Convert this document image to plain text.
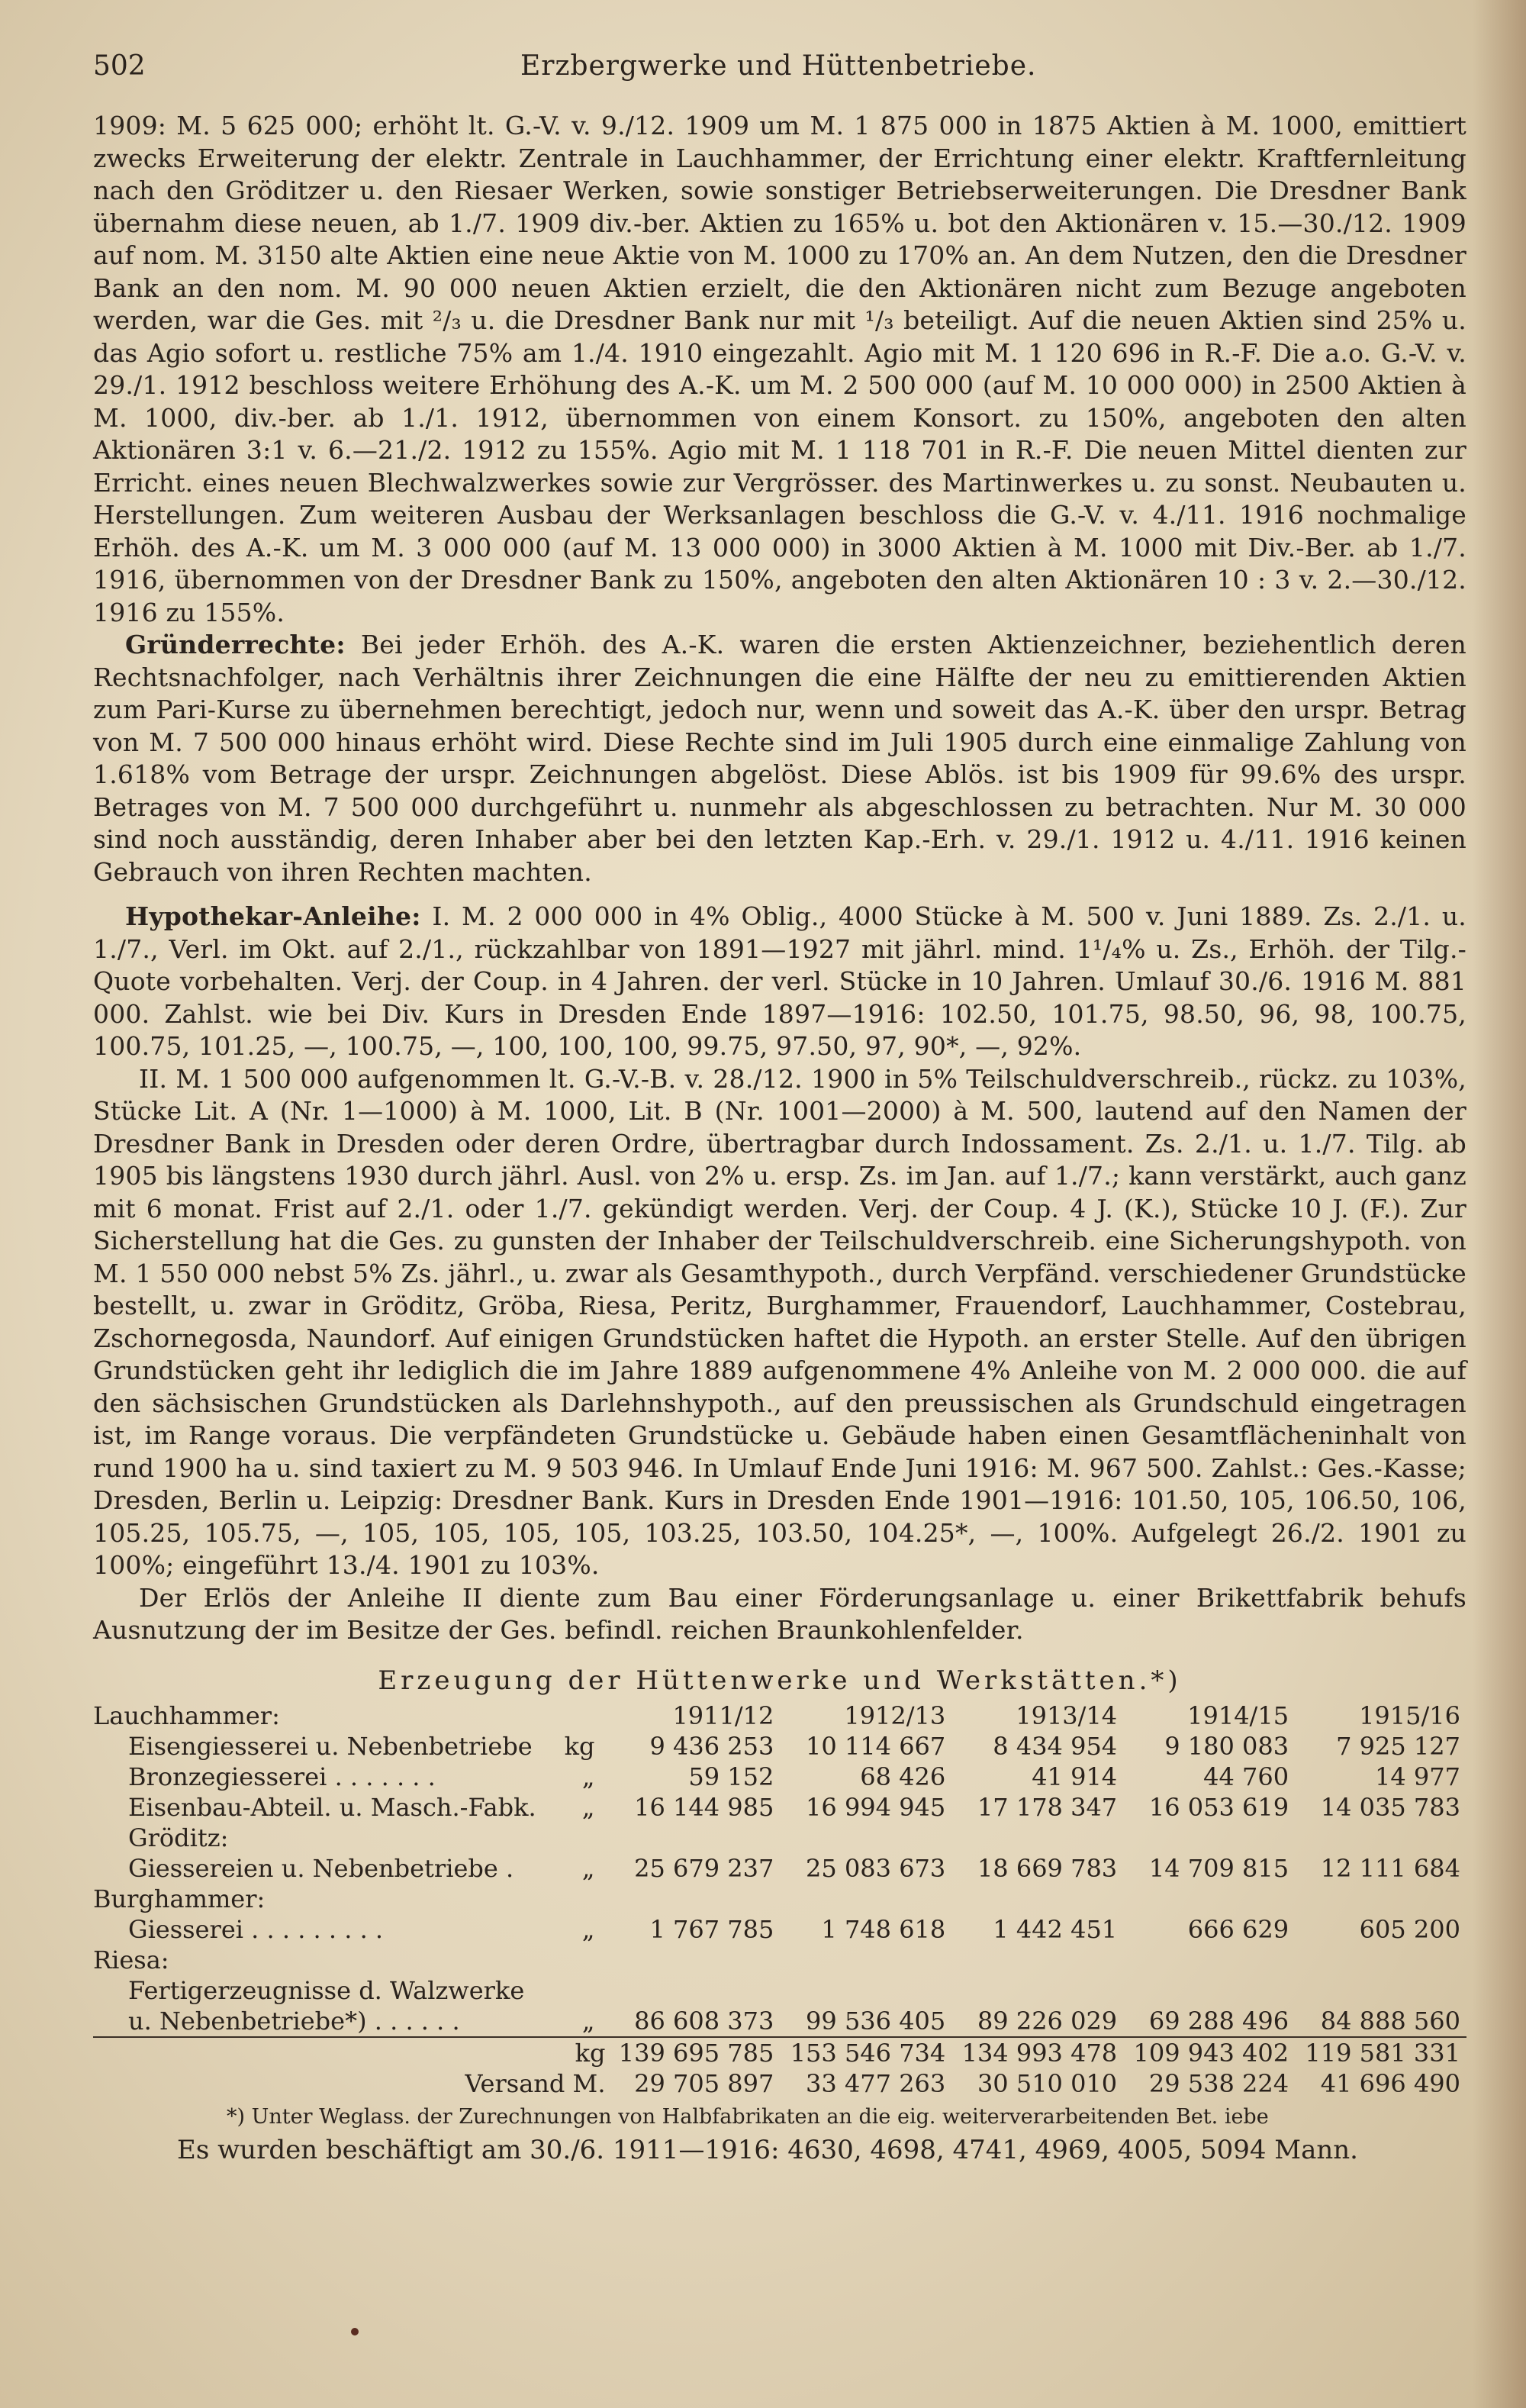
502	Erzbergwerke und Hüttenbetriebe.

1909: M. 5 625 000; erhöht lt. G.-V. v. 9./12. 1909 um M. 1 875 000 in 1875 Aktien à M. 1000, emittiert zwecks Erweiterung der elektr. Zentrale in Lauchhammer, der Errichtung einer elektr. Kraftfernleitung nach den Gröditzer u. den Riesaer Werken, sowie sonstiger Betriebserweiterungen. Die Dresdner Bank übernahm diese neuen, ab 1./7. 1909 div.-ber. Aktien zu 165% u. bot den Aktionären v. 15.—30./12. 1909 auf nom. M. 3150 alte Aktien eine neue Aktie von M. 1000 zu 170% an. An dem Nutzen, den die Dresdner Bank an den nom. M. 90 000 neuen Aktien erzielt, die den Aktionären nicht zum Bezuge angeboten werden, war die Ges. mit ²/₃ u. die Dresdner Bank nur mit ¹/₃ beteiligt. Auf die neuen Aktien sind 25% u. das Agio sofort u. restliche 75% am 1./4. 1910 eingezahlt. Agio mit M. 1 120 696 in R.-F. Die a.o. G.-V. v. 29./1. 1912 beschloss weitere Erhöhung des A.-K. um M. 2 500 000 (auf M. 10 000 000) in 2500 Aktien à M. 1000, div.-ber. ab 1./1. 1912, übernommen von einem Konsort. zu 150%, angeboten den alten Aktionären 3:1 v. 6.—21./2. 1912 zu 155%. Agio mit M. 1 118 701 in R.-F. Die neuen Mittel dienten zur Erricht. eines neuen Blechwalzwerkes sowie zur Vergrösser. des Martinwerkes u. zu sonst. Neubauten u. Herstellungen. Zum weiteren Ausbau der Werksanlagen beschloss die G.-V. v. 4./11. 1916 nochmalige Erhöh. des A.-K. um M. 3 000 000 (auf M. 13 000 000) in 3000 Aktien à M. 1000 mit Div.-Ber. ab 1./7. 1916, übernommen von der Dresdner Bank zu 150%, angeboten den alten Aktionären 10 : 3 v. 2.—30./12. 1916 zu 155%.

Gründerrechte: Bei jeder Erhöh. des A.-K. waren die ersten Aktienzeichner, beziehentlich deren Rechtsnachfolger, nach Verhältnis ihrer Zeichnungen die eine Hälfte der neu zu emittierenden Aktien zum Pari-Kurse zu übernehmen berechtigt, jedoch nur, wenn und soweit das A.-K. über den urspr. Betrag von M. 7 500 000 hinaus erhöht wird. Diese Rechte sind im Juli 1905 durch eine einmalige Zahlung von 1.618% vom Betrage der urspr. Zeichnungen abgelöst. Diese Ablös. ist bis 1909 für 99.6% des urspr. Betrages von M. 7 500 000 durchgeführt u. nunmehr als abgeschlossen zu betrachten. Nur M. 30 000 sind noch ausständig, deren Inhaber aber bei den letzten Kap.-Erh. v. 29./1. 1912 u. 4./11. 1916 keinen Gebrauch von ihren Rechten machten.

Hypothekar-Anleihe: I. M. 2 000 000 in 4% Oblig., 4000 Stücke à M. 500 v. Juni 1889. Zs. 2./1. u. 1./7., Verl. im Okt. auf 2./1., rückzahlbar von 1891—1927 mit jährl. mind. 1¹/₄% u. Zs., Erhöh. der Tilg.-Quote vorbehalten. Verj. der Coup. in 4 Jahren. der verl. Stücke in 10 Jahren. Umlauf 30./6. 1916 M. 881 000. Zahlst. wie bei Div. Kurs in Dresden Ende 1897—1916: 102.50, 101.75, 98.50, 96, 98, 100.75, 100.75, 101.25, —, 100.75, —, 100, 100, 100, 99.75, 97.50, 97, 90*, —, 92%.

II. M. 1 500 000 aufgenommen lt. G.-V.-B. v. 28./12. 1900 in 5% Teilschuldverschreib., rückz. zu 103%, Stücke Lit. A (Nr. 1—1000) à M. 1000, Lit. B (Nr. 1001—2000) à M. 500, lautend auf den Namen der Dresdner Bank in Dresden oder deren Ordre, übertragbar durch Indossament. Zs. 2./1. u. 1./7. Tilg. ab 1905 bis längstens 1930 durch jährl. Ausl. von 2% u. ersp. Zs. im Jan. auf 1./7.; kann verstärkt, auch ganz mit 6 monat. Frist auf 2./1. oder 1./7. gekündigt werden. Verj. der Coup. 4 J. (K.), Stücke 10 J. (F.). Zur Sicherstellung hat die Ges. zu gunsten der Inhaber der Teilschuldverschreib. eine Sicherungshypoth. von M. 1 550 000 nebst 5% Zs. jährl., u. zwar als Gesamthypoth., durch Verpfänd. verschiedener Grundstücke bestellt, u. zwar in Gröditz, Gröba, Riesa, Peritz, Burghammer, Frauendorf, Lauchhammer, Costebrau, Zschornegosda, Naundorf. Auf einigen Grundstücken haftet die Hypoth. an erster Stelle. Auf den übrigen Grundstücken geht ihr lediglich die im Jahre 1889 aufgenommene 4% Anleihe von M. 2 000 000. die auf den sächsischen Grundstücken als Darlehnshypoth., auf den preussischen als Grundschuld eingetragen ist, im Range voraus. Die verpfändeten Grundstücke u. Gebäude haben einen Gesamtflächeninhalt von rund 1900 ha u. sind taxiert zu M. 9 503 946. In Umlauf Ende Juni 1916: M. 967 500. Zahlst.: Ges.-Kasse; Dresden, Berlin u. Leipzig: Dresdner Bank. Kurs in Dresden Ende 1901—1916: 101.50, 105, 106.50, 106, 105.25, 105.75, —, 105, 105, 105, 105, 103.25, 103.50, 104.25*, —, 100%. Aufgelegt 26./2. 1901 zu 100%; eingeführt 13./4. 1901 zu 103%.

Der Erlös der Anleihe II diente zum Bau einer Förderungsanlage u. einer Brikettfabrik behufs Ausnutzung der im Besitze der Ges. befindl. reichen Braunkohlenfelder.

Erzeugung der Hüttenwerke und Werkstätten.*)
Lauchhammer:	1911/12	1912/13	1913/14	1914/15	1915/16
Eisengiesserei u. Nebenbetriebe kg	9 436 253	10 114 667	8 434 954	9 180 083	7 925 127
Bronzegiesserei . . . . . . . „	59 152	68 426	41 914	44 760	14 977
Eisenbau-Abteil. u. Masch.-Fabk. „	16 144 985	16 994 945	17 178 347	16 053 619	14 035 783
Gröditz:					
Giessereien u. Nebenbetriebe . „	25 679 237	25 083 673	18 669 783	14 709 815	12 111 684
Burghammer:					
Giesserei . . . . . . . . . „	1 767 785	1 748 618	1 442 451	666 629	605 200
Riesa:					
Fertigerzeugnisse d. Walzwerke					
u. Nebenbetriebe*) . . . . . . „	86 608 373	99 536 405	89 226 029	69 288 496	84 888 560
kg	139 695 785	153 546 734	134 993 478	109 943 402	119 581 331
Versand M.	29 705 897	33 477 263	30 510 010	29 538 224	41 696 490
*) Unter Weglass. der Zurechnungen von Halbfabrikaten an die eig. weiterverarbeitenden Bet. iebe
Es wurden beschäftigt am 30./6. 1911—1916: 4630, 4698, 4741, 4969, 4005, 5094 Mann.
